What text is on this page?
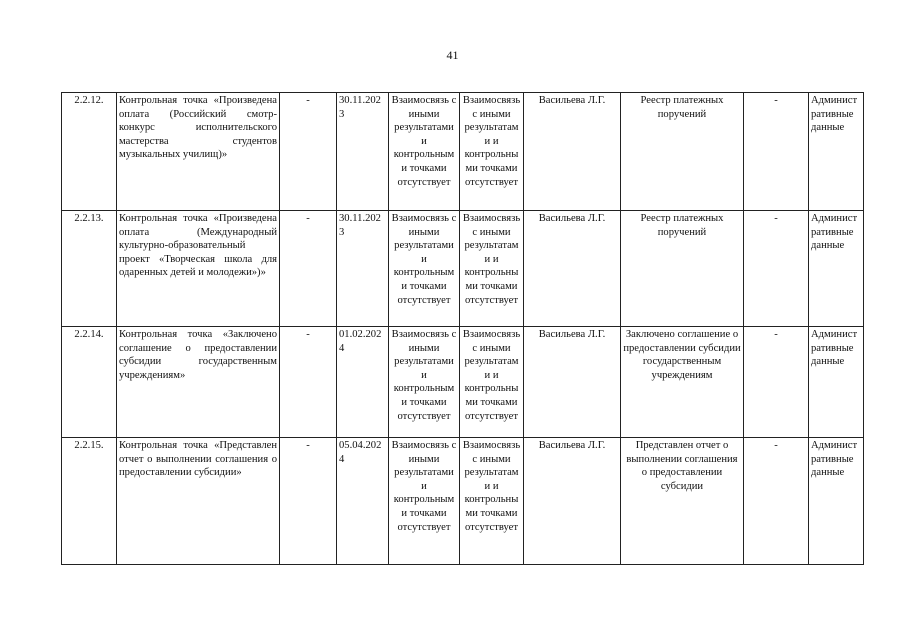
41
2.2.12.	Контрольная точка «Произведена оплата (Российский смотр-конкурс исполнительского мастерства студентов музыкальных училищ)»	-	30.11.2023	Взаимосвязь с иными результатами и контрольными точками отсутствует	Взаимосвязь с иными результатами и контрольными точками отсутствует	Васильева Л.Г.	Реестр платежных поручений	-	Административные данные
2.2.13.	Контрольная точка «Произведена оплата (Международный культурно-образовательный проект «Творческая школа для одаренных детей и молодежи»)»	-	30.11.2023	Взаимосвязь с иными результатами и контрольными точками отсутствует	Взаимосвязь с иными результатами и контрольными точками отсутствует	Васильева Л.Г.	Реестр платежных поручений	-	Административные данные
2.2.14.	Контрольная точка «Заключено соглашение о предоставлении субсидии государственным учреждениям»	-	01.02.2024	Взаимосвязь с иными результатами и контрольными точками отсутствует	Взаимосвязь с иными результатами и контрольными точками отсутствует	Васильева Л.Г.	Заключено соглашение о предоставлении субсидии государственным учреждениям	-	Административные данные
2.2.15.	Контрольная точка «Представлен отчет о выполнении соглашения о предоставлении субсидии»	-	05.04.2024	Взаимосвязь с иными результатами и контрольными точками отсутствует	Взаимосвязь с иными результатами и контрольными точками отсутствует	Васильева Л.Г.	Представлен отчет о выполнении соглашения о предоставлении субсидии	-	Административные данные
